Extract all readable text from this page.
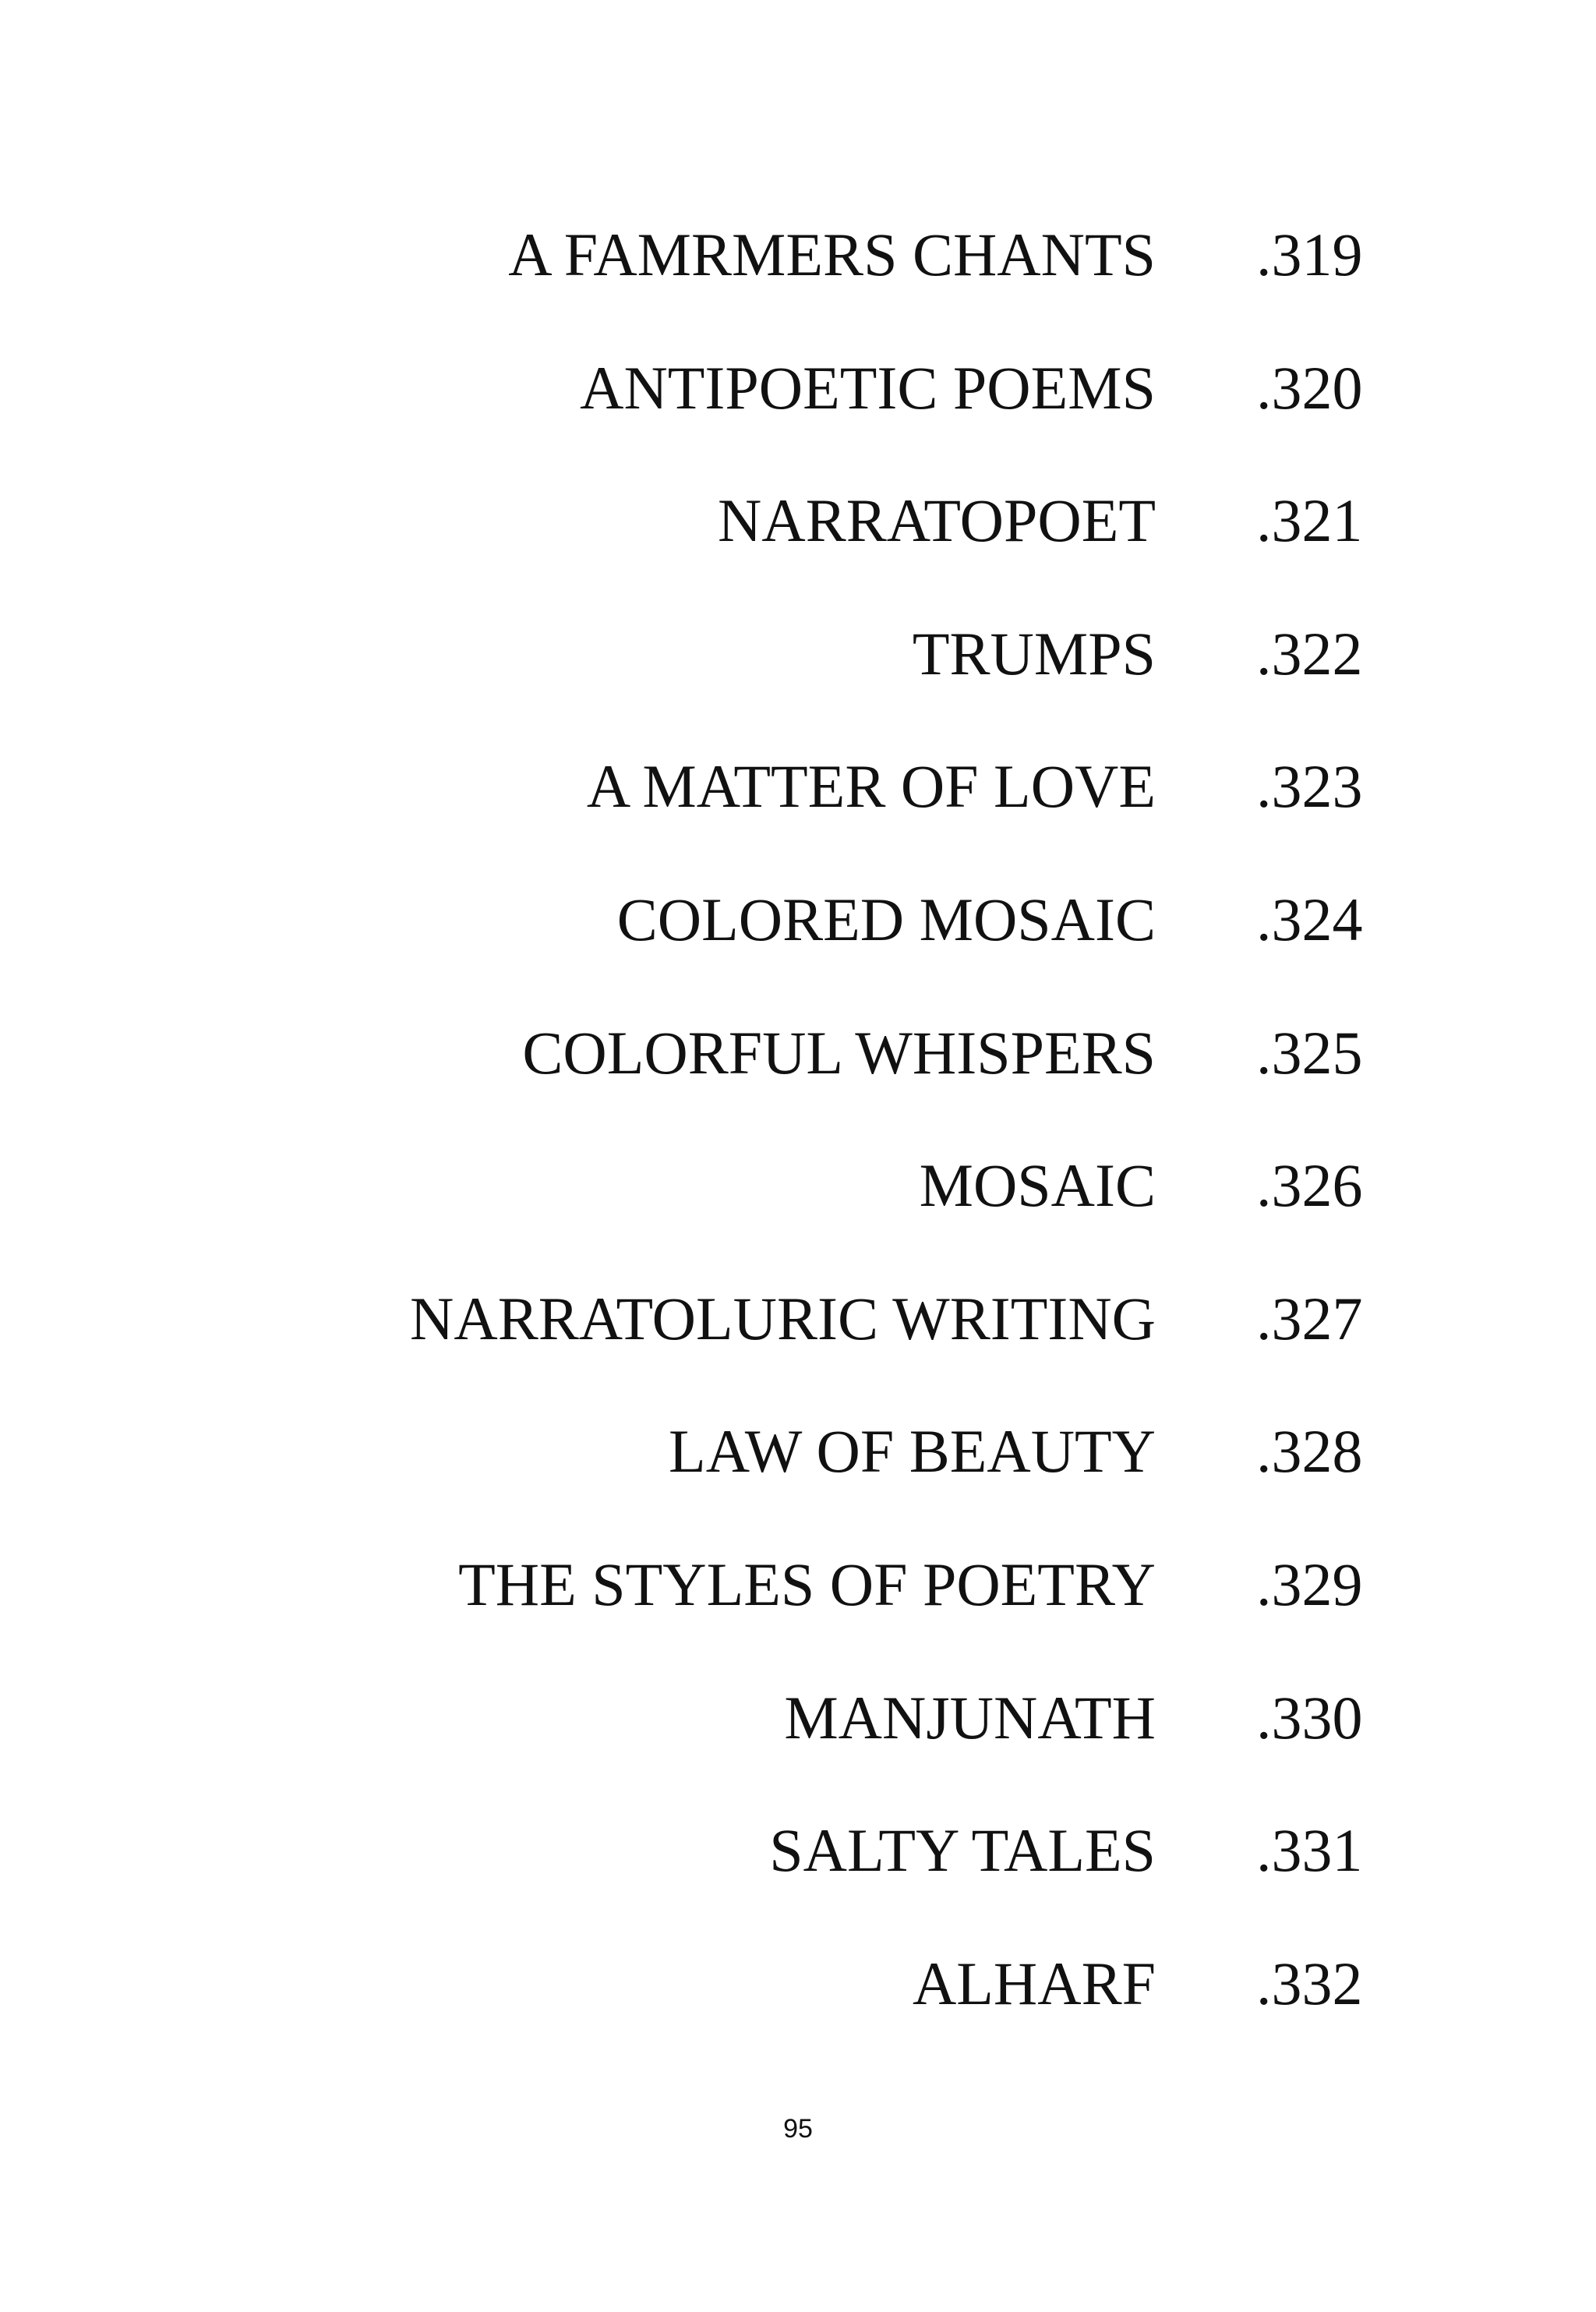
A FAMRMERS CHANTS .319
ANTIPOETIC POEMS .320
NARRATOPOET .321
TRUMPS .322
A MATTER OF LOVE .323
COLORED MOSAIC .324
COLORFUL WHISPERS .325
MOSAIC .326
NARRATOLURIC WRITING .327
LAW OF BEAUTY .328
THE STYLES OF POETRY .329
MANJUNATH .330
SALTY TALES .331
ALHARF .332
95
